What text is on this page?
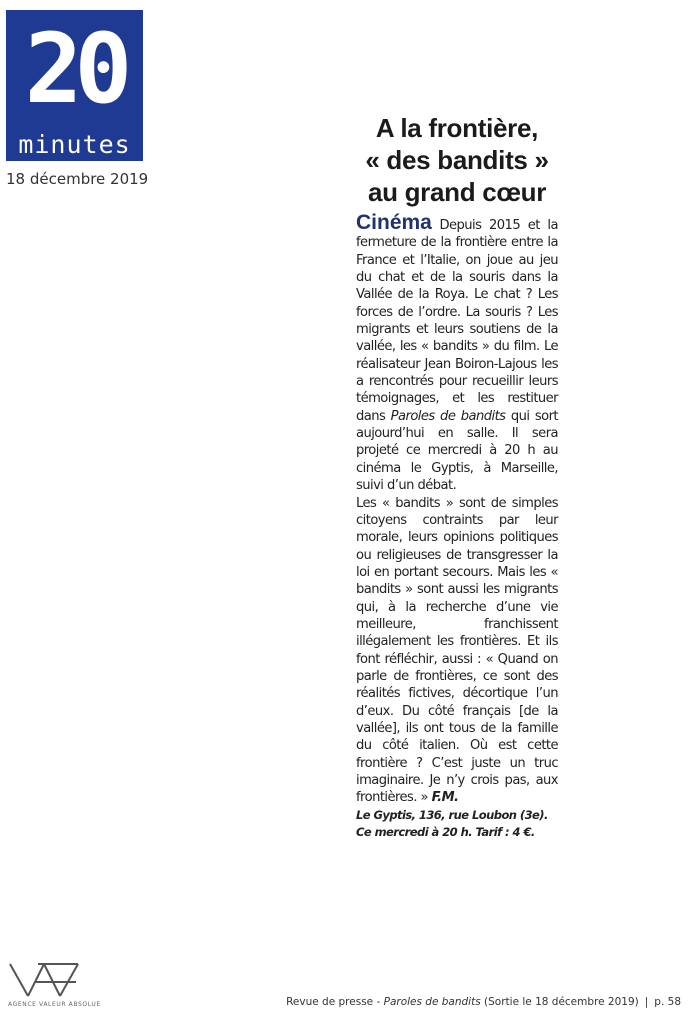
20
minutes
18 décembre 2019
A la frontière,
« des bandits »
au grand cœur

Cinéma Depuis 2015 et la fermeture de la frontière entre la France et l’Italie, on joue au jeu du chat et de la souris dans la Vallée de la Roya. Le chat ? Les forces de l’ordre. La souris ? Les migrants et leurs soutiens de la vallée, les « bandits » du film. Le réalisateur Jean Boiron-Lajous les a rencontrés pour recueillir leurs témoignages, et les restituer dans Paroles de bandits qui sort aujourd’hui en salle. Il sera projeté ce mercredi à 20 h au cinéma le Gyptis, à Marseille, suivi d’un débat.

Les « bandits » sont de simples citoyens contraints par leur morale, leurs opinions politiques ou religieuses de transgresser la loi en portant secours. Mais les « bandits » sont aussi les migrants qui, à la recherche d’une vie meilleure, franchissent illégalement les frontières. Et ils font réfléchir, aussi : « Quand on parle de frontières, ce sont des réalités fictives, décortique l’un d’eux. Du côté français [de la vallée], ils ont tous de la famille du côté italien. Où est cette frontière ? C’est juste un truc imaginaire. Je n’y crois pas, aux frontières. » F.M.

Le Gyptis, 136, rue Loubon (3e).
Ce mercredi à 20 h. Tarif : 4 €.
AGENCE VALEUR ABSOLUE	Revue de presse - Paroles de bandits (Sortie le 18 décembre 2019) | p. 58
